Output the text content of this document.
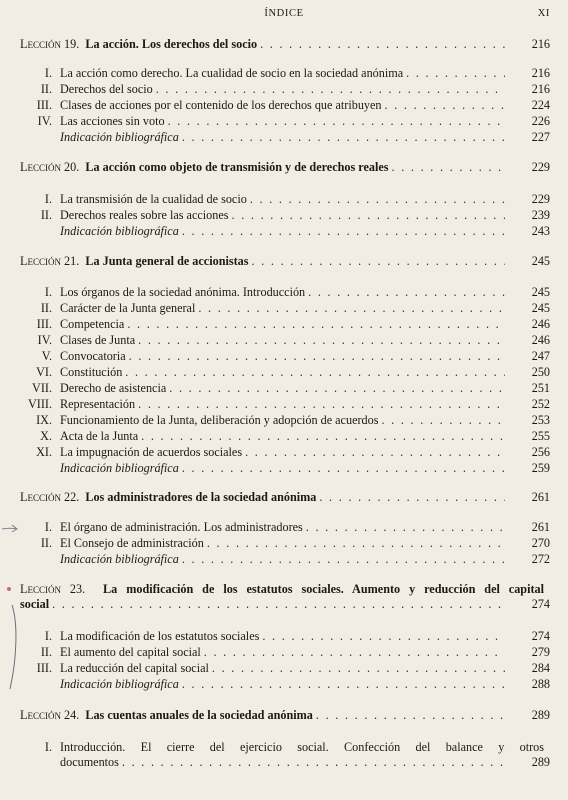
ÍNDICE	XI
Lección 19. La acción. Los derechos del socio . . .	216
I. La acción como derecho. La cualidad de socio en la sociedad anónima . . .	216
II. Derechos del socio . . .	216
III. Clases de acciones por el contenido de los derechos que atribuyen . . .	224
IV. Las acciones sin voto . . .	226
Indicación bibliográfica . . .	227
Lección 20. La acción como objeto de transmisión y de derechos reales . . .	229
I. La transmisión de la cualidad de socio . . .	229
II. Derechos reales sobre las acciones . . .	239
Indicación bibliográfica . . .	243
Lección 21. La Junta general de accionistas . . .	245
I. Los órganos de la sociedad anónima. Introducción . . .	245
II. Carácter de la Junta general . . .	245
III. Competencia . . .	246
IV. Clases de Junta . . .	246
V. Convocatoria . . .	247
VI. Constitución . . .	250
VII. Derecho de asistencia . . .	251
VIII. Representación . . .	252
IX. Funcionamiento de la Junta, deliberación y adopción de acuerdos . . .	253
X. Acta de la Junta . . .	255
XI. La impugnación de acuerdos sociales . . .	256
Indicación bibliográfica . . .	259
Lección 22. Los administradores de la sociedad anónima . . .	261
I. El órgano de administración. Los administradores . . .	261
II. El Consejo de administración . . .	270
Indicación bibliográfica . . .	272
Lección 23. La modificación de los estatutos sociales. Aumento y reducción del capital
social . . .	274
I. La modificación de los estatutos sociales . . .	274
II. El aumento del capital social . . .	279
III. La reducción del capital social . . .	284
Indicación bibliográfica . . .	288
Lección 24. Las cuentas anuales de la sociedad anónima . . .	289
I. Introducción. El cierre del ejercicio social. Confección del balance y otros
documentos . . .	289
